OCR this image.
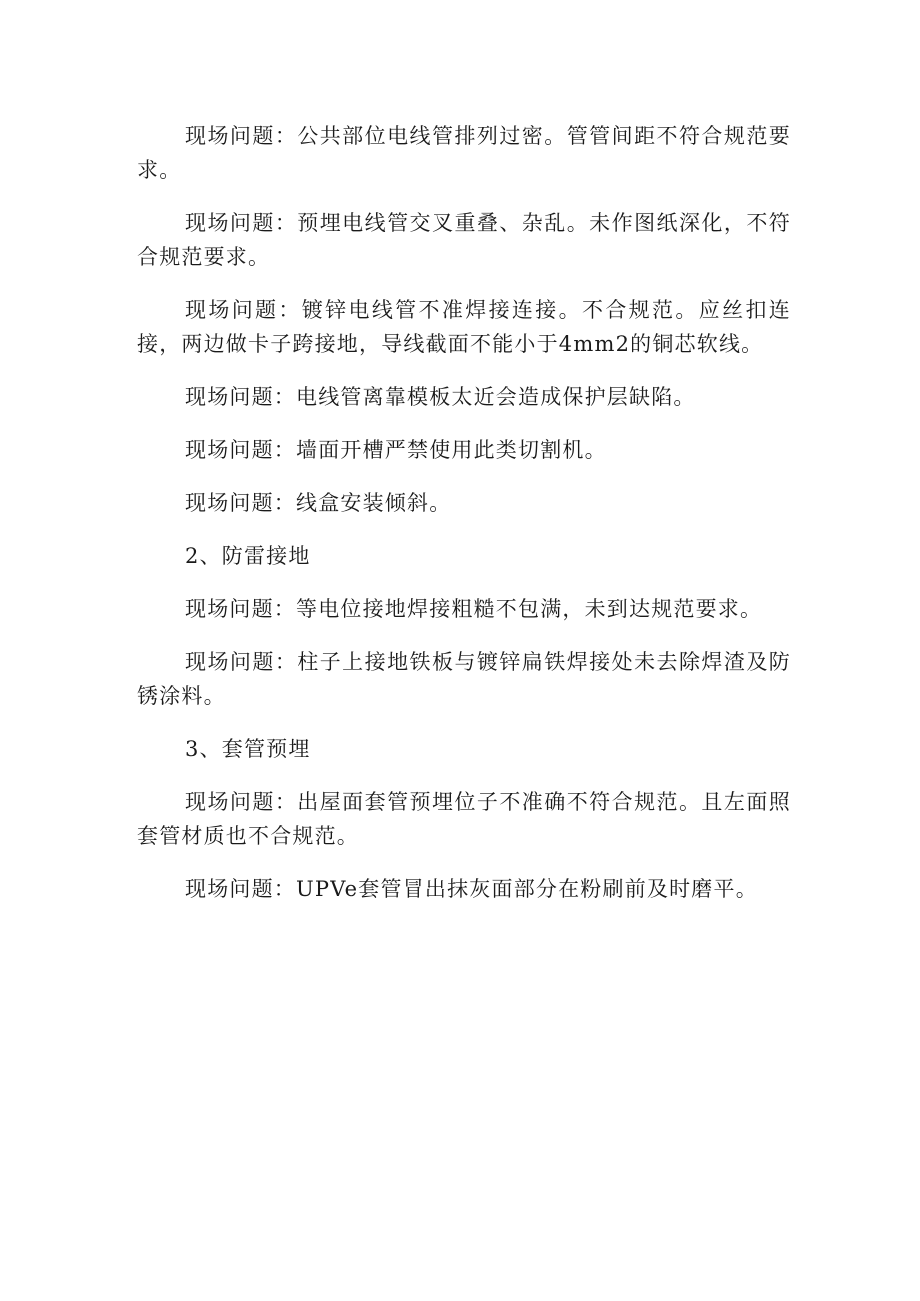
现场问题：公共部位电线管排列过密。管管间距不符合规范要求。

现场问题：预埋电线管交叉重叠、杂乱。未作图纸深化，不符合规范要求。

现场问题：镀锌电线管不准焊接连接。不合规范。应丝扣连接，两边做卡子跨接地，导线截面不能小于4mm2的铜芯软线。

现场问题：电线管离靠模板太近会造成保护层缺陷。

现场问题：墙面开槽严禁使用此类切割机。

现场问题：线盒安装倾斜。

2、防雷接地

现场问题：等电位接地焊接粗糙不包满，未到达规范要求。

现场问题：柱子上接地铁板与镀锌扁铁焊接处未去除焊渣及防锈涂料。

3、套管预埋

现场问题：出屋面套管预埋位子不准确不符合规范。且左面照套管材质也不合规范。

现场问题：UPVe套管冒出抹灰面部分在粉刷前及时磨平。
